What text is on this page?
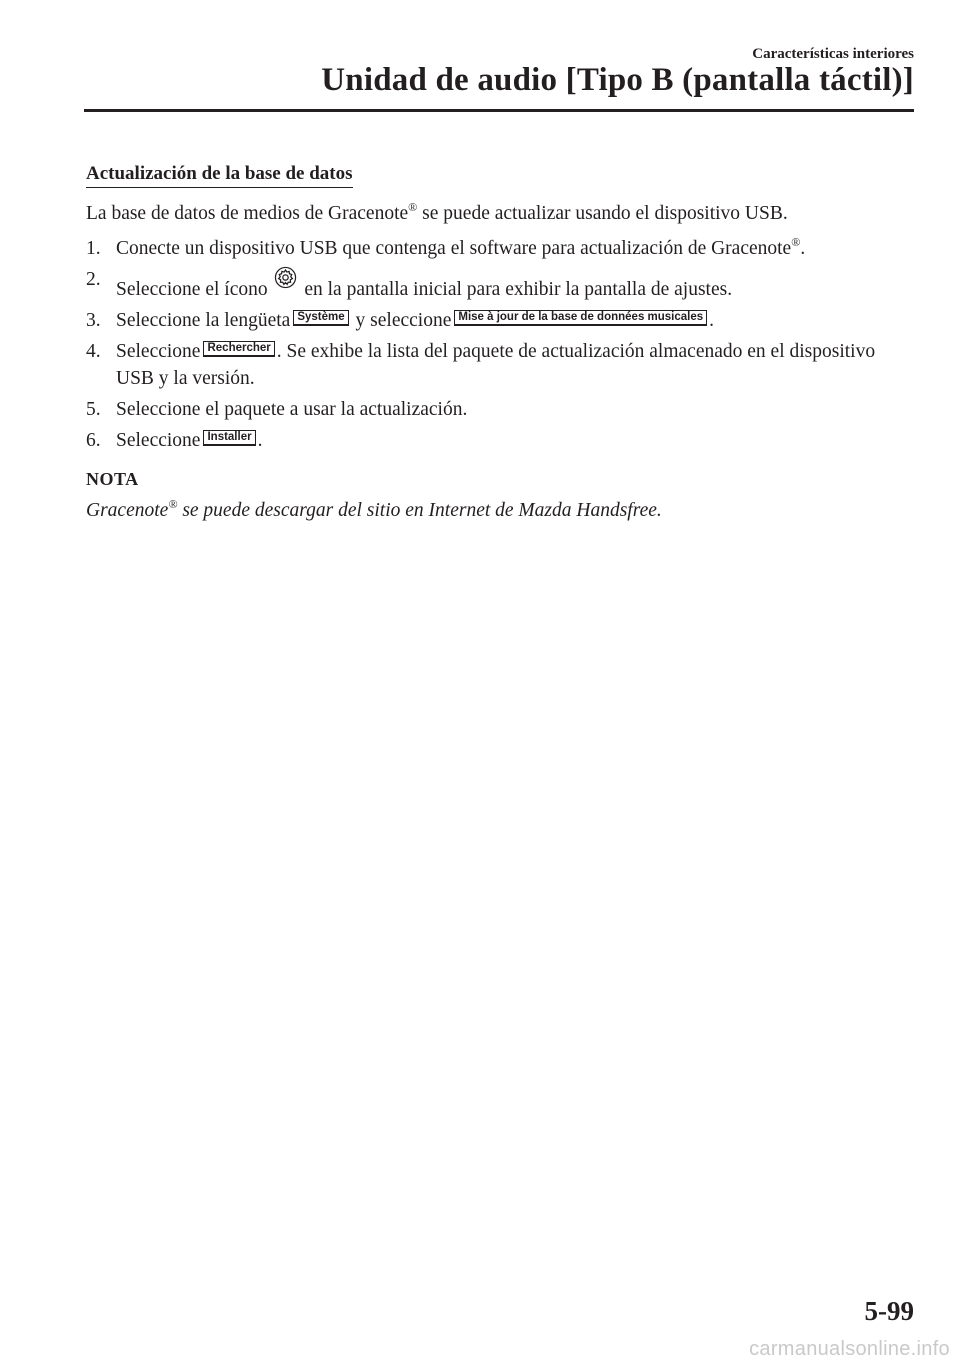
Características interiores
Unidad de audio [Tipo B (pantalla táctil)]
Actualización de la base de datos

La base de datos de medios de Gracenote® se puede actualizar usando el dispositivo USB.

1. Conecte un dispositivo USB que contenga el software para actualización de Gracenote®.
2. Seleccione el ícono en la pantalla inicial para exhibir la pantalla de ajustes.
3. Seleccione la lengüeta Système y seleccione Mise à jour de la base de données musicales .
4. Seleccione Rechercher . Se exhibe la lista del paquete de actualización almacenado en el dispositivo USB y la versión.
5. Seleccione el paquete a usar la actualización.
6. Seleccione Installer .
NOTA
Gracenote® se puede descargar del sitio en Internet de Mazda Handsfree.
5-99
carmanualsonline.info
